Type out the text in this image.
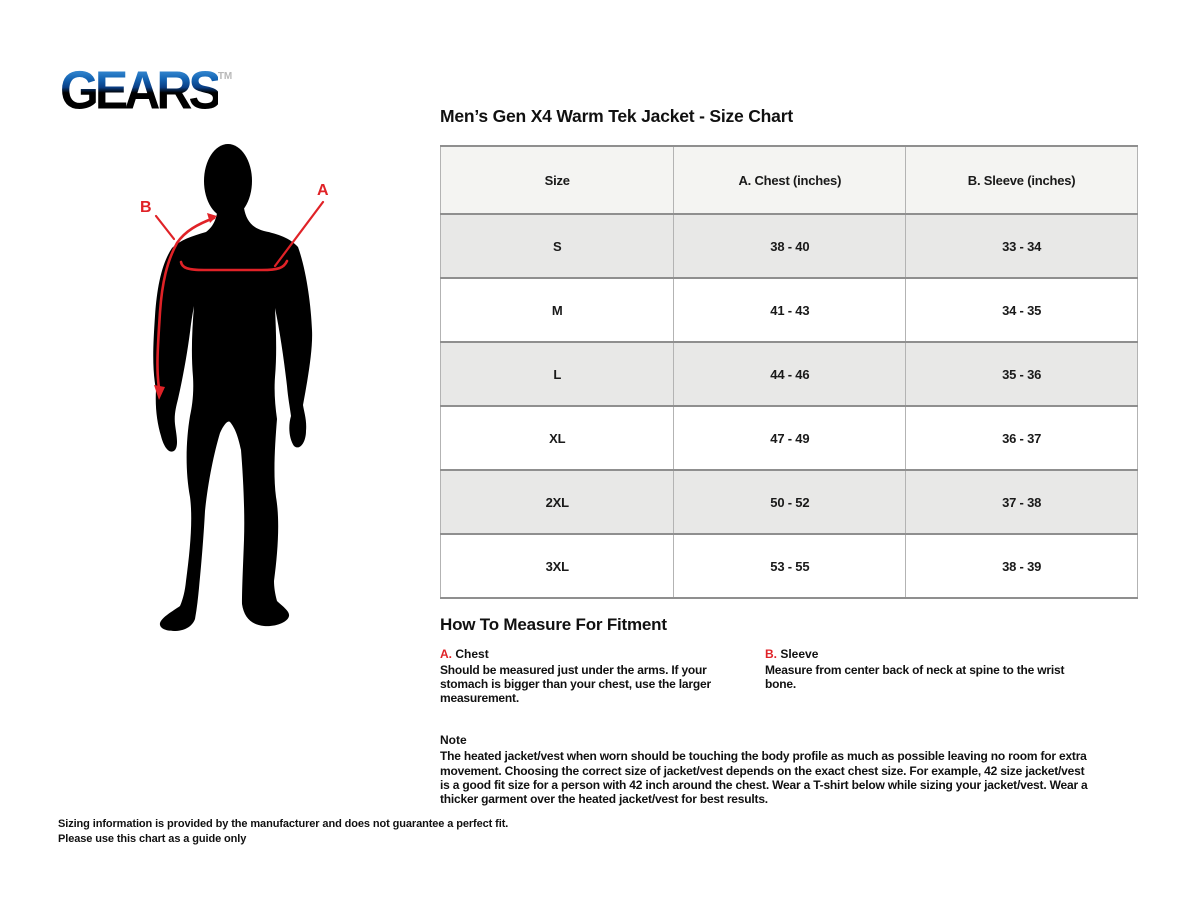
GEARS™
A
B
Men’s Gen X4 Warm Tek Jacket - Size Chart
Size	A. Chest (inches)	B. Sleeve (inches)
S	38 - 40	33 - 34
M	41 - 43	34 - 35
L	44 - 46	35 - 36
XL	47 - 49	36 - 37
2XL	50 - 52	37 - 38
3XL	53 - 55	38 - 39
How To Measure For Fitment
A. Chest

Should be measured just under the arms. If your stomach is bigger than your chest, use the larger measurement.

B. Sleeve

Measure from center back of neck at spine to the wrist bone.

Note

The heated jacket/vest when worn should be touching the body profile as much as possible leaving no room for extra movement. Choosing the correct size of jacket/vest depends on the exact chest size. For example, 42 size jacket/vest is a good fit size for a person with 42 inch around the chest. Wear a T-shirt below while sizing your jacket/vest. Wear a thicker garment over the heated jacket/vest for best results.

Sizing information is provided by the manufacturer and does not guarantee a perfect fit.
Please use this chart as a guide only
